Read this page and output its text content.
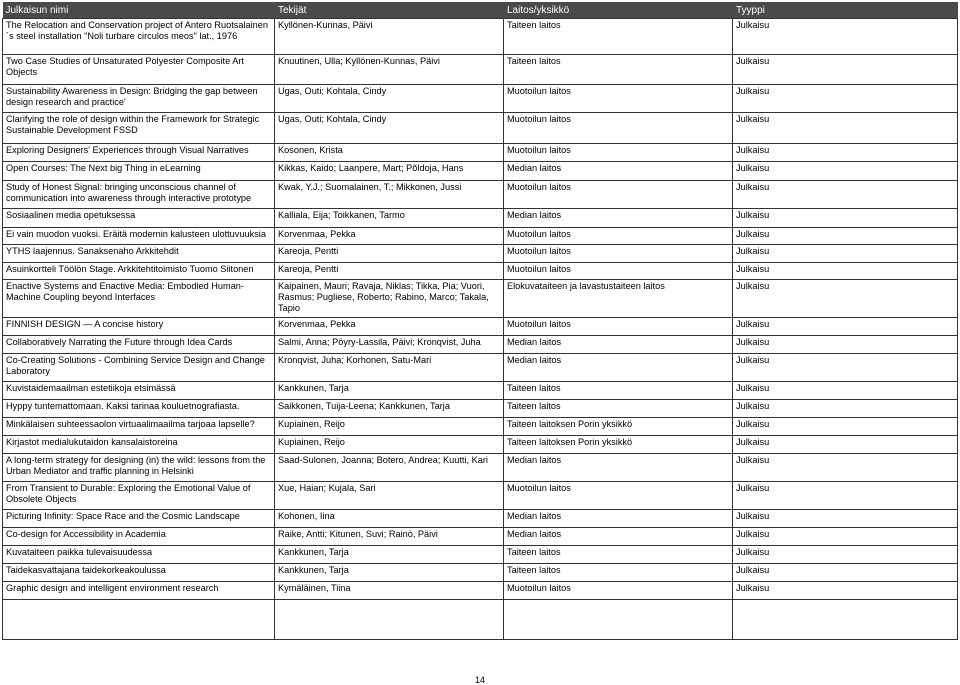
Julkaisun nimi	Tekijät	Laitos/yksikkö	Tyyppi
The Relocation and Conservation project of Antero Ruotsalainen´s steel installation "Noli turbare circulos meos" lat., 1976	Kyllönen-Kunnas, Päivi	Taiteen laitos	Julkaisu
Two Case Studies of Unsaturated Polyester Composite Art Objects	Knuutinen, Ulla; Kyllönen-Kunnas, Päivi	Taiteen laitos	Julkaisu
Sustainability Awareness in Design: Bridging the gap between design research and practice'	Ugas, Outi; Kohtala, Cindy	Muotoilun laitos	Julkaisu
Clarifying the role of design within the Framework for Strategic Sustainable Development FSSD	Ugas, Outi; Kohtala, Cindy	Muotoilun laitos	Julkaisu
Exploring Designers' Experiences through Visual Narratives	Kosonen, Krista	Muotoilun laitos	Julkaisu
Open Courses: The Next big Thing in eLearning	Kikkas, Kaido; Laanpere, Mart; Põldoja, Hans	Median laitos	Julkaisu
Study of Honest Signal: bringing unconscious channel of communication into awareness through interactive prototype	Kwak, Y.J.; Suomalainen, T.; Mikkonen, Jussi	Muotoilun laitos	Julkaisu
Sosiaalinen media opetuksessa	Kalliala, Eija; Toikkanen, Tarmo	Median laitos	Julkaisu
Ei vain muodon vuoksi. Eräitä modernin kalusteen ulottuvuuksia	Korvenmaa, Pekka	Muotoilun laitos	Julkaisu
YTHS laajennus. Sanaksenaho Arkkitehdit	Kareoja, Pentti	Muotoilun laitos	Julkaisu
Asuinkortteli Töölön Stage. Arkkitehtitoimisto Tuomo Siitonen	Kareoja, Pentti	Muotoilun laitos	Julkaisu
Enactive Systems and Enactive Media: Embodied Human-Machine Coupling beyond Interfaces	Kaipainen, Mauri; Ravaja, Niklas; Tikka, Pia; Vuori, Rasmus; Pugliese, Roberto; Rabino, Marco; Takala, Tapio	Elokuvataiteen ja lavastustaiteen laitos	Julkaisu
FINNISH DESIGN — A concise history	Korvenmaa, Pekka	Muotoilun laitos	Julkaisu
Collaboratively Narrating the Future through Idea Cards	Salmi, Anna; Pöyry-Lassila, Päivi; Kronqvist, Juha	Median laitos	Julkaisu
Co-Creating Solutions - Combining Service Design and Change Laboratory	Kronqvist, Juha; Korhonen, Satu-Mari	Median laitos	Julkaisu
Kuvistaidemaailman estetiikoja etsimässä	Kankkunen, Tarja	Taiteen laitos	Julkaisu
Hyppy tuntemattomaan. Kaksi tarinaa kouluetnografiasta.	Saikkonen, Tuija-Leena; Kankkunen, Tarja	Taiteen laitos	Julkaisu
Minkälaisen suhteessaolon virtuaalimaailma tarjoaa lapselle?	Kupiainen, Reijo	Taiteen laitoksen Porin yksikkö	Julkaisu
Kirjastot medialukutaidon kansalaistoreina	Kupiainen, Reijo	Taiteen laitoksen Porin yksikkö	Julkaisu
A long-term strategy for designing (in) the wild: lessons from the Urban Mediator and traffic planning in Helsinki	Saad-Sulonen, Joanna; Botero, Andrea; Kuutti, Kari	Median laitos	Julkaisu
From Transient to Durable: Exploring the Emotional Value of Obsolete Objects	Xue, Haian; Kujala, Sari	Muotoilun laitos	Julkaisu
Picturing Infinity: Space Race and the Cosmic Landscape	Kohonen, Iina	Median laitos	Julkaisu
Co-design for Accessibility in Academia	Raike, Antti; Kitunen, Suvi; Rainò, Päivi	Median laitos	Julkaisu
Kuvataiteen paikka tulevaisuudessa	Kankkunen, Tarja	Taiteen laitos	Julkaisu
Taidekasvattajana taidekorkeakoulussa	Kankkunen, Tarja	Taiteen laitos	Julkaisu
Graphic design and intelligent environment research	Kymäläinen, Tiina	Muotoilun laitos	Julkaisu

14
